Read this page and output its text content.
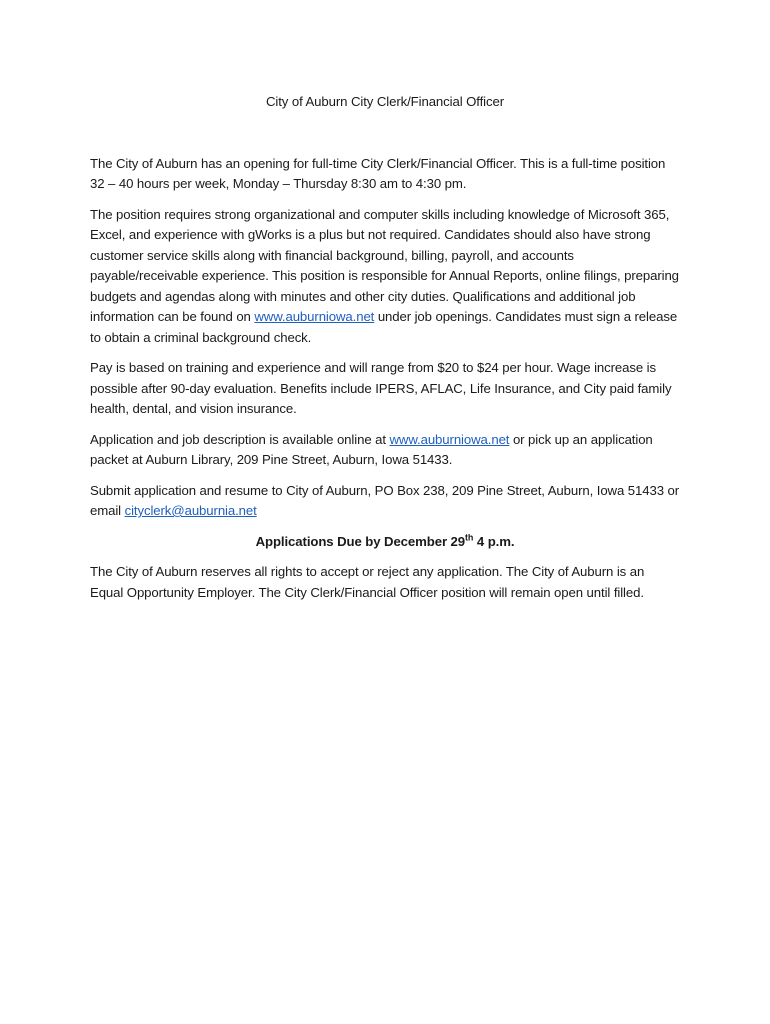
City of Auburn City Clerk/Financial Officer

The City of Auburn has an opening for full-time City Clerk/Financial Officer. This is a full-time position 32 – 40 hours per week, Monday – Thursday 8:30 am to 4:30 pm.

The position requires strong organizational and computer skills including knowledge of Microsoft 365, Excel, and experience with gWorks is a plus but not required. Candidates should also have strong customer service skills along with financial background, billing, payroll, and accounts payable/receivable experience. This position is responsible for Annual Reports, online filings, preparing budgets and agendas along with minutes and other city duties. Qualifications and additional job information can be found on www.auburniowa.net under job openings. Candidates must sign a release to obtain a criminal background check.

Pay is based on training and experience and will range from $20 to $24 per hour. Wage increase is possible after 90-day evaluation. Benefits include IPERS, AFLAC, Life Insurance, and City paid family health, dental, and vision insurance.

Application and job description is available online at www.auburniowa.net or pick up an application packet at Auburn Library, 209 Pine Street, Auburn, Iowa 51433.

Submit application and resume to City of Auburn, PO Box 238, 209 Pine Street, Auburn, Iowa 51433 or email cityclerk@auburnia.net

Applications Due by December 29th 4 p.m.

The City of Auburn reserves all rights to accept or reject any application. The City of Auburn is an Equal Opportunity Employer. The City Clerk/Financial Officer position will remain open until filled.
